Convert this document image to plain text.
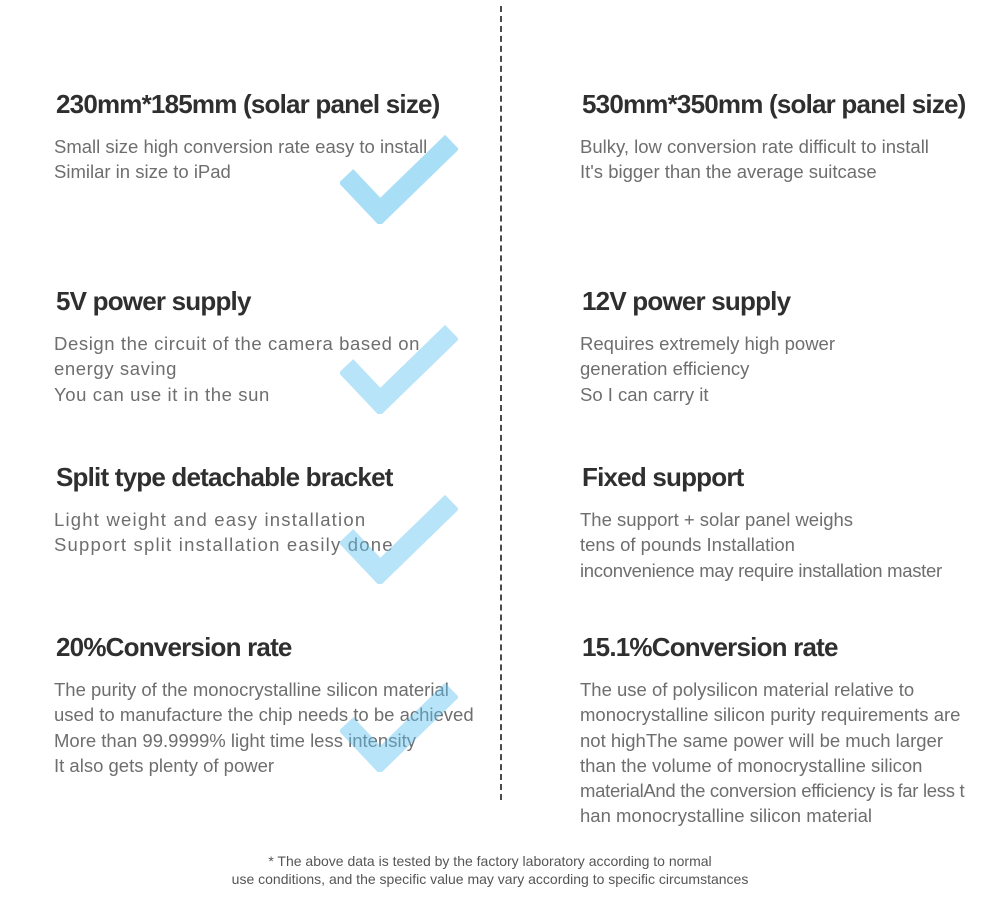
230mm*185mm (solar panel size)
Small size high conversion rate easy to install
Similar in size to iPad
5V power supply
Design the circuit of the camera based on
energy saving
You can use it in the sun
Split type detachable bracket
Light weight and easy installation
Support split installation easily done
20%Conversion rate
The purity of the monocrystalline silicon material
used to manufacture the chip needs to be achieved
More than 99.9999% light time less intensity
It also gets plenty of power
530mm*350mm (solar panel size)
Bulky, low conversion rate difficult to install
It's bigger than the average suitcase
12V power supply
Requires extremely high power
generation efficiency
So I can carry it
Fixed support
The support + solar panel weighs
tens of pounds Installation
inconvenience may require installation master
15.1%Conversion rate
The use of polysilicon material relative to
monocrystalline silicon purity requirements are
not highThe same power will be much larger
than the volume of monocrystalline silicon
materialAnd the conversion efficiency is far less t
han monocrystalline silicon material
* The above data is tested by the factory laboratory according to normal
use conditions, and the specific value may vary according to specific circumstances
